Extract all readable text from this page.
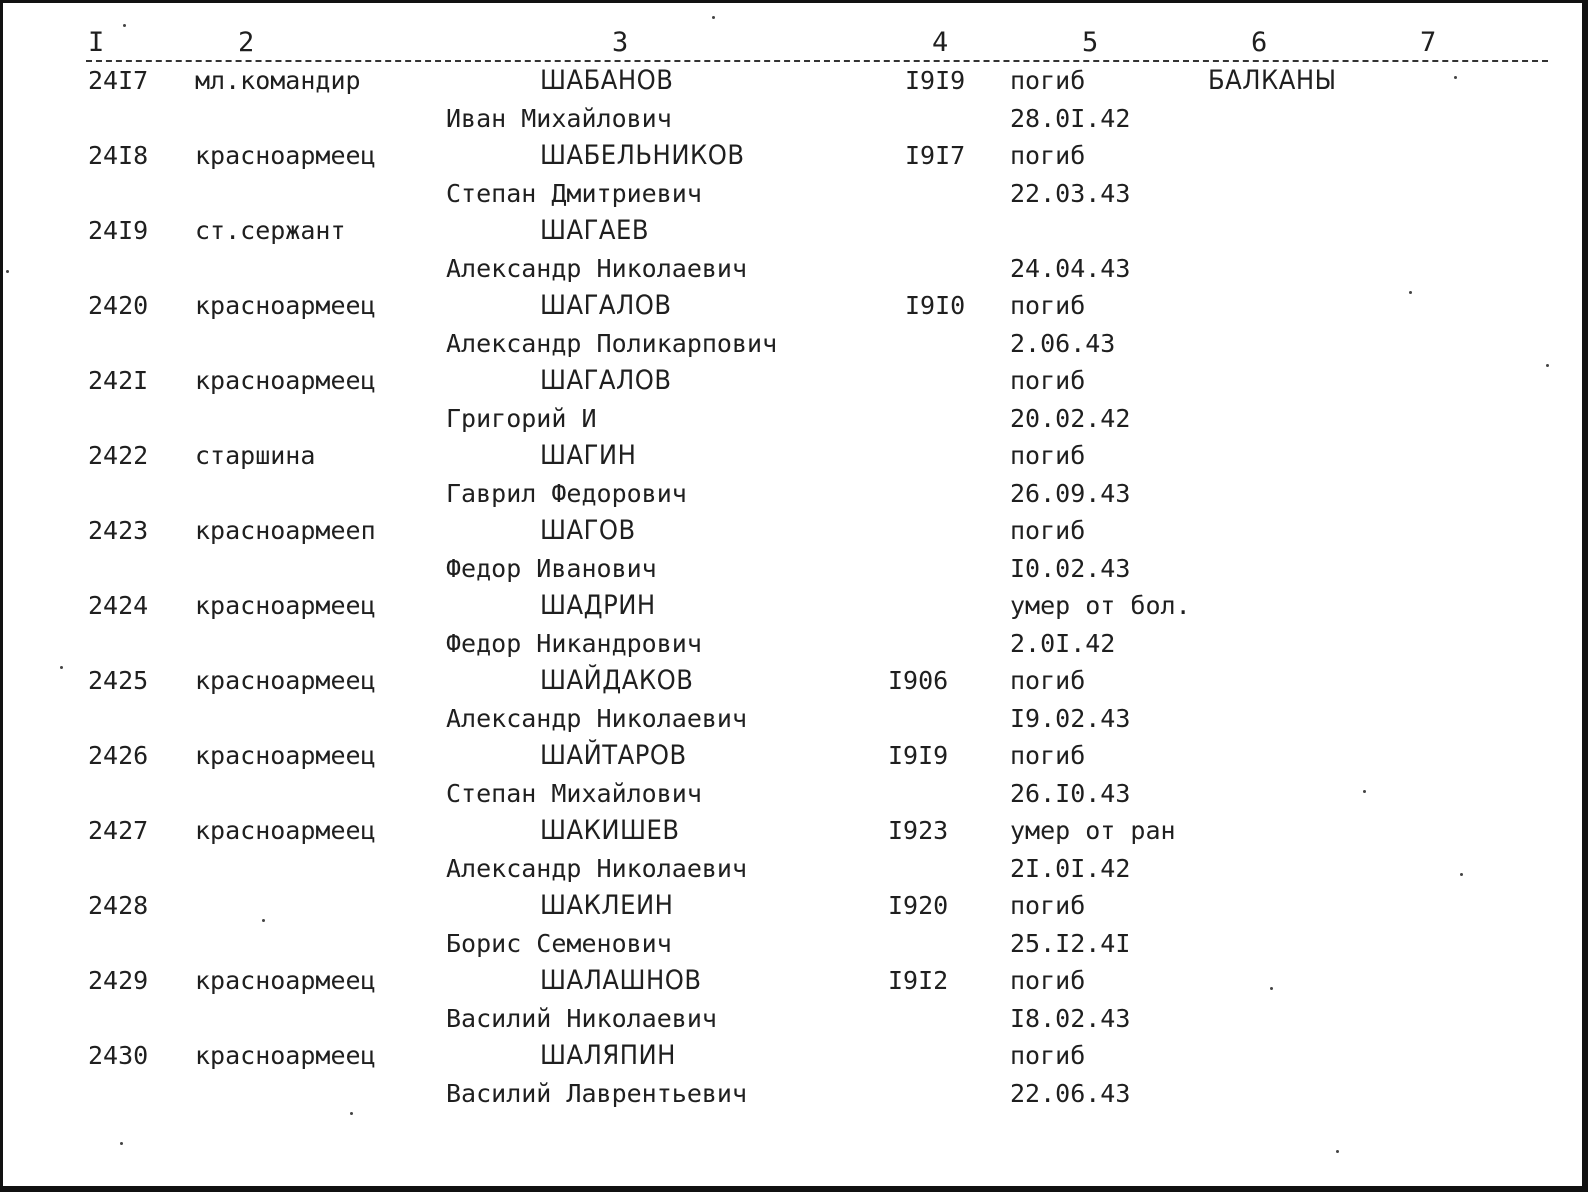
I	2	3	4	5	6	7
24I7 мл.командир	ШАБАНОВ	I9I9 погиб	БАЛКАНЫ
Иван Михайлович	28.0I.42
24I8 красноармеец	ШАБЕЛЬНИКОВ	I9I7 погиб
Степан Дмитриевич	22.03.43
24I9 ст.сержант	ШАГАЕВ
Александр Николаевич	24.04.43
2420 красноармеец	ШАГАЛОВ	I9I0 погиб
Александр Поликарпович	2.06.43
242I красноармеец	ШАГАЛОВ	погиб
Григорий И	20.02.42
2422 старшина	ШАГИН	погиб
Гаврил Федорович	26.09.43
2423 красноармееп	ШАГОВ	погиб
Федор Иванович	I0.02.43
2424 красноармеец	ШАДРИН	умер от бол.
Федор Никандрович	2.0I.42
2425 красноармеец	ШАЙДАКОВ	I906 погиб
Александр Николаевич	I9.02.43
2426 красноармеец	ШАЙТАРОВ	I9I9 погиб
Степан Михайлович	26.I0.43
2427 красноармеец	ШАКИШЕВ	I923 умер от ран
Александр Николаевич	2I.0I.42
2428	ШАКЛЕИН	I920 погиб
Борис Семенович	25.I2.4I
2429 красноармеец	ШАЛАШНОВ	I9I2 погиб
Василий Николаевич	I8.02.43
2430 красноармеец	ШАЛЯПИН	погиб
Василий Лаврентьевич	22.06.43
